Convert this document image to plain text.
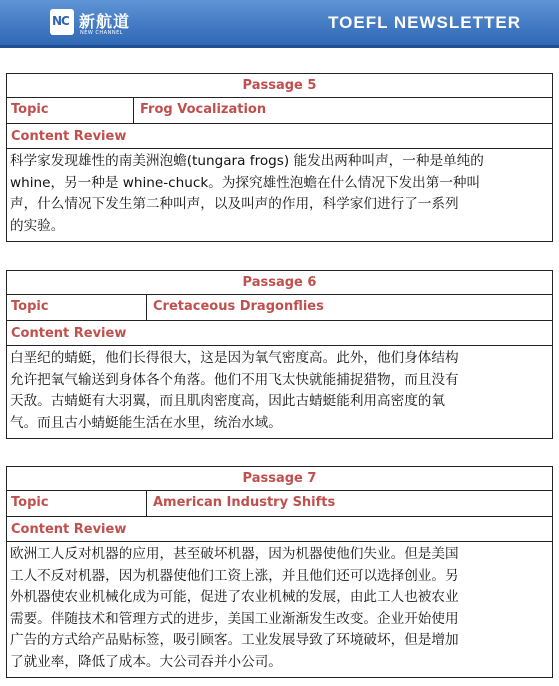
NC 新航道
NEW CHANNEL
TOEFL NEWSLETTER
Passage 5
Topic	Frog Vocalization
Content Review
科学家发现雄性的南美洲泡蟾(tungara frogs) 能发出两种叫声，一种是单纯的
whine，另一种是 whine-chuck。为探究雄性泡蟾在什么情况下发出第一种叫
声，什么情况下发生第二种叫声，以及叫声的作用，科学家们进行了一系列
的实验。
Passage 6
Topic	Cretaceous Dragonflies
Content Review
白垩纪的蜻蜓，他们长得很大，这是因为氧气密度高。此外，他们身体结构
允许把氧气输送到身体各个角落。他们不用飞太快就能捕捉猎物，而且没有
天敌。古蜻蜓有大羽翼，而且肌肉密度高，因此古蜻蜓能利用高密度的氧
气。而且古小蜻蜓能生活在水里，统治水域。
Passage 7
Topic	American Industry Shifts
Content Review
欧洲工人反对机器的应用，甚至破坏机器，因为机器使他们失业。但是美国
工人不反对机器，因为机器使他们工资上涨，并且他们还可以选择创业。另
外机器使农业机械化成为可能，促进了农业机械的发展，由此工人也被农业
需要。伴随技术和管理方式的进步，美国工业渐渐发生改变。企业开始使用
广告的方式给产品贴标签，吸引顾客。工业发展导致了环境破坏，但是增加
了就业率，降低了成本。大公司吞并小公司。
